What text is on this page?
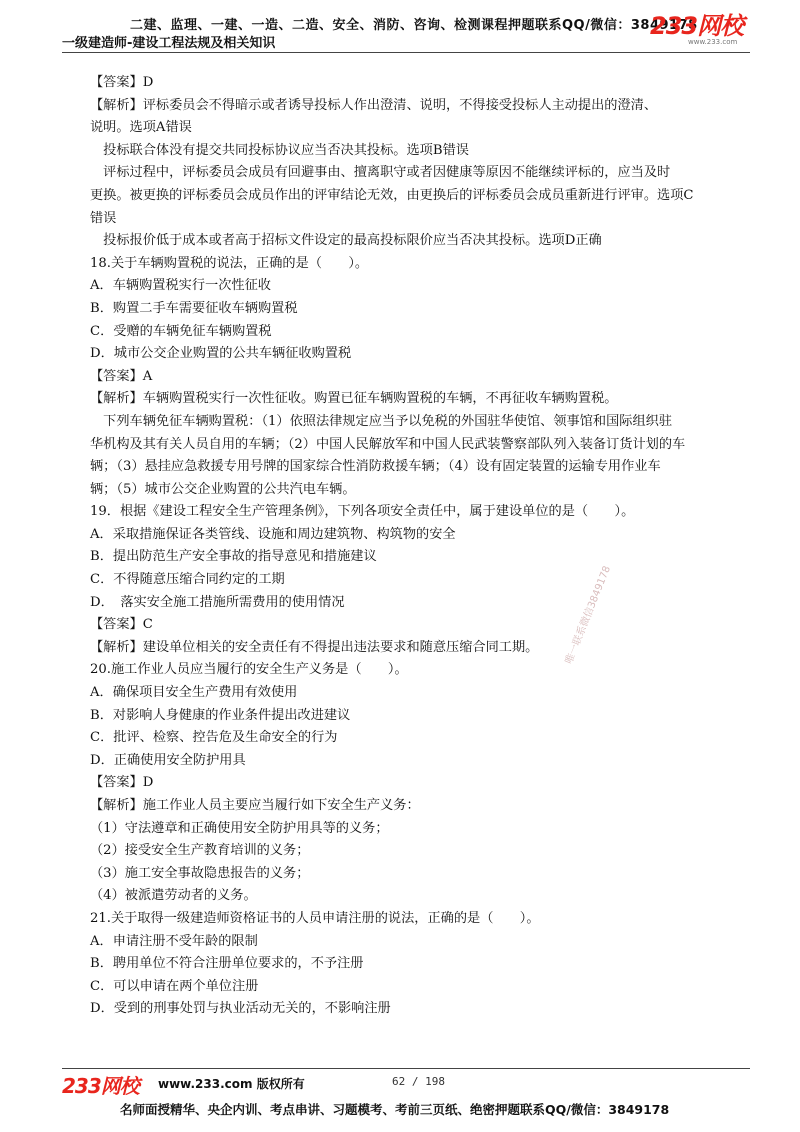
二建、监理、一建、一造、二造、安全、消防、咨询、检测课程押题联系QQ/微信：3849178
一级建造师-建设工程法规及相关知识
233网校
www.233.com

【答案】D

【解析】评标委员会不得暗示或者诱导投标人作出澄清、说明，不得接受投标人主动提出的澄清、

说明。选项A错误

　投标联合体没有提交共同投标协议应当否决其投标。选项B错误

　评标过程中，评标委员会成员有回避事由、擅离职守或者因健康等原因不能继续评标的，应当及时

更换。被更换的评标委员会成员作出的评审结论无效，由更换后的评标委员会成员重新进行评审。选项C

错误

　投标报价低于成本或者高于招标文件设定的最高投标限价应当否决其投标。选项D正确

18.关于车辆购置税的说法，正确的是（　　）。

A．车辆购置税实行一次性征收

B．购置二手车需要征收车辆购置税

C．受赠的车辆免征车辆购置税

D．城市公交企业购置的公共车辆征收购置税

【答案】A

【解析】车辆购置税实行一次性征收。购置已征车辆购置税的车辆，不再征收车辆购置税。

　下列车辆免征车辆购置税：（1）依照法律规定应当予以免税的外国驻华使馆、领事馆和国际组织驻

华机构及其有关人员自用的车辆；（2）中国人民解放军和中国人民武装警察部队列入装备订货计划的车

辆；（3）悬挂应急救援专用号牌的国家综合性消防救援车辆；（4）设有固定装置的运输专用作业车

辆；（5）城市公交企业购置的公共汽电车辆。

19．根据《建设工程安全生产管理条例》，下列各项安全责任中，属于建设单位的是（　　）。

A．采取措施保证各类管线、设施和周边建筑物、构筑物的安全

B．提出防范生产安全事故的指导意见和措施建议

C．不得随意压缩合同约定的工期

D．　落实安全施工措施所需费用的使用情况

【答案】C

【解析】建设单位相关的安全责任有不得提出违法要求和随意压缩合同工期。

20.施工作业人员应当履行的安全生产义务是（　　）。

A．确保项目安全生产费用有效使用

B．对影响人身健康的作业条件提出改进建议

C．批评、检察、控告危及生命安全的行为

D．正确使用安全防护用具

【答案】D

【解析】施工作业人员主要应当履行如下安全生产义务：

（1）守法遵章和正确使用安全防护用具等的义务；

（2）接受安全生产教育培训的义务；

（3）施工安全事故隐患报告的义务；

（4）被派遣劳动者的义务。

21.关于取得一级建造师资格证书的人员申请注册的说法，正确的是（　　）。

A．申请注册不受年龄的限制

B．聘用单位不符合注册单位要求的，不予注册

C．可以申请在两个单位注册

D．受到的刑事处罚与执业活动无关的，不影响注册

唯一联系微信3849178
233网校 www.233.com 版权所有	62 / 198
名师面授精华、央企内训、考点串讲、习题模考、考前三页纸、绝密押题联系QQ/微信：3849178
